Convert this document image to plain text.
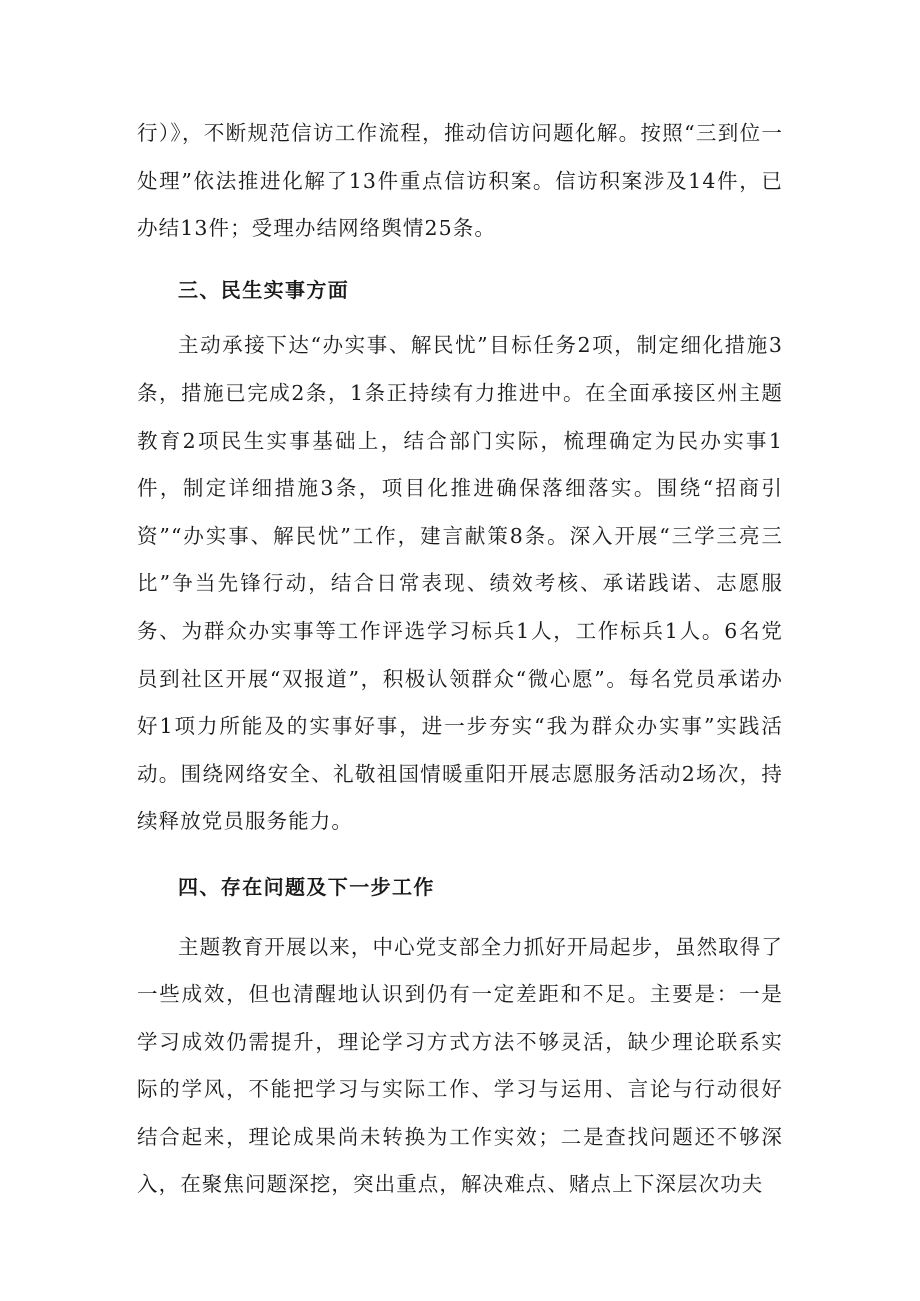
行）》，不断规范信访工作流程，推动信访问题化解。按照“三到位一处理”依法推进化解了13件重点信访积案。信访积案涉及14件，已办结13件；受理办结网络舆情25条。

三、民生实事方面

主动承接下达“办实事、解民忧”目标任务2项，制定细化措施3条，措施已完成2条，1条正持续有力推进中。在全面承接区州主题教育2项民生实事基础上，结合部门实际，梳理确定为民办实事1件，制定详细措施3条，项目化推进确保落细落实。围绕“招商引资”“办实事、解民忧”工作，建言献策8条。深入开展“三学三亮三比”争当先锋行动，结合日常表现、绩效考核、承诺践诺、志愿服务、为群众办实事等工作评选学习标兵1人，工作标兵1人。6名党员到社区开展“双报道”，积极认领群众“微心愿”。每名党员承诺办好1项力所能及的实事好事，进一步夯实“我为群众办实事”实践活动。围绕网络安全、礼敬祖国情暖重阳开展志愿服务活动2场次，持续释放党员服务能力。

四、存在问题及下一步工作

主题教育开展以来，中心党支部全力抓好开局起步，虽然取得了一些成效，但也清醒地认识到仍有一定差距和不足。主要是：一是学习成效仍需提升，理论学习方式方法不够灵活，缺少理论联系实际的学风，不能把学习与实际工作、学习与运用、言论与行动很好结合起来，理论成果尚未转换为工作实效；二是查找问题还不够深入，在聚焦问题深挖，突出重点，解决难点、赌点上下深层次功夫
